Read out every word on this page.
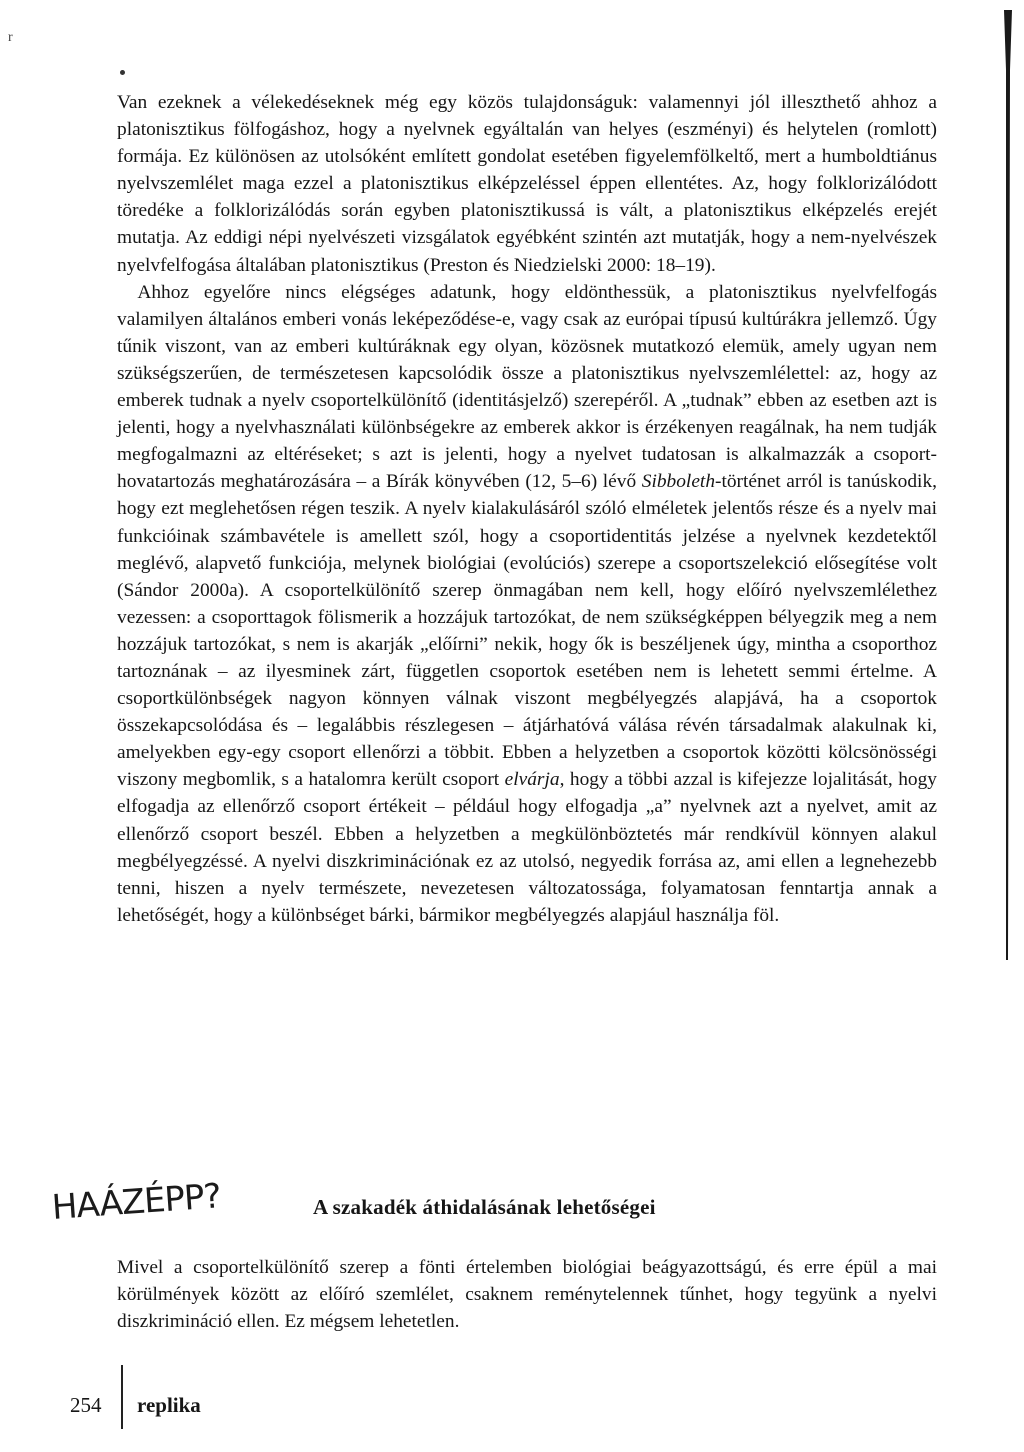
r

Van ezeknek a vélekedéseknek még egy közös tulajdonságuk: valamennyi jól illeszthető ahhoz a platonisztikus fölfogáshoz, hogy a nyelvnek egyáltalán van helyes (eszményi) és helytelen (romlott) formája. Ez különösen az utolsóként említett gondolat esetében figyelemfölkeltő, mert a humboldtiánus nyelvszemlélet maga ezzel a platonisztikus elképzeléssel éppen ellentétes. Az, hogy folklorizálódott töredéke a folklorizálódás során egyben platonisztikussá is vált, a platonisztikus elképzelés erejét mutatja. Az eddigi népi nyelvészeti vizsgálatok egyébként szintén azt mutatják, hogy a nem-nyelvészek nyelvfelfogása általában platonisztikus (Preston és Niedzielski 2000: 18–19).

Ahhoz egyelőre nincs elégséges adatunk, hogy eldönthessük, a platonisztikus nyelvfelfogás valamilyen általános emberi vonás leképeződése-e, vagy csak az európai típusú kultúrákra jellemző. Úgy tűnik viszont, van az emberi kultúráknak egy olyan, közösnek mutatkozó elemük, amely ugyan nem szükségszerűen, de természetesen kapcsolódik össze a platonisztikus nyelvszemlélettel: az, hogy az emberek tudnak a nyelv csoportelkülönítő (identitásjelző) szerepéről. A „tudnak” ebben az esetben azt is jelenti, hogy a nyelvhasználati különbségekre az emberek akkor is érzékenyen reagálnak, ha nem tudják megfogalmazni az eltéréseket; s azt is jelenti, hogy a nyelvet tudatosan is alkalmazzák a csoport-hovatartozás meghatározására – a Bírák könyvében (12, 5–6) lévő Sibboleth-történet arról is tanúskodik, hogy ezt meglehetősen régen teszik. A nyelv kialakulásáról szóló elméletek jelentős része és a nyelv mai funkcióinak számbavétele is amellett szól, hogy a csoportidentitás jelzése a nyelvnek kezdetektől meglévő, alapvető funkciója, melynek biológiai (evolúciós) szerepe a csoportszelekció elősegítése volt (Sándor 2000a). A csoportelkülönítő szerep önmagában nem kell, hogy előíró nyelvszemlélethez vezessen: a csoporttagok fölismerik a hozzájuk tartozókat, de nem szükségképpen bélyegzik meg a nem hozzájuk tartozókat, s nem is akarják „előírni” nekik, hogy ők is beszéljenek úgy, mintha a csoporthoz tartoznának – az ilyesminek zárt, független csoportok esetében nem is lehetett semmi értelme. A csoportkülönbségek nagyon könnyen válnak viszont megbélyegzés alapjává, ha a csoportok összekapcsolódása és – legalábbis részlegesen – átjárhatóvá válása révén társadalmak alakulnak ki, amelyekben egy-egy csoport ellenőrzi a többit. Ebben a helyzetben a csoportok közötti kölcsönösségi viszony megbomlik, s a hatalomra került csoport elvárja, hogy a többi azzal is kifejezze lojalitását, hogy elfogadja az ellenőrző csoport értékeit – például hogy elfogadja „a” nyelvnek azt a nyelvet, amit az ellenőrző csoport beszél. Ebben a helyzetben a megkülönböztetés már rendkívül könnyen alakul megbélyegzéssé. A nyelvi diszkriminációnak ez az utolsó, negyedik forrása az, ami ellen a legnehezebb tenni, hiszen a nyelv természete, nevezetesen változatossága, folyamatosan fenntartja annak a lehetőségét, hogy a különbséget bárki, bármikor megbélyegzés alapjául használja föl.

HAÁZÉPP?	A szakadék áthidalásának lehetőségei

Mivel a csoportelkülönítő szerep a fönti értelemben biológiai beágyazottságú, és erre épül a mai körülmények között az előíró szemlélet, csaknem reménytelennek tűnhet, hogy tegyünk a nyelvi diszkrimináció ellen. Ez mégsem lehetetlen.

254 replika
